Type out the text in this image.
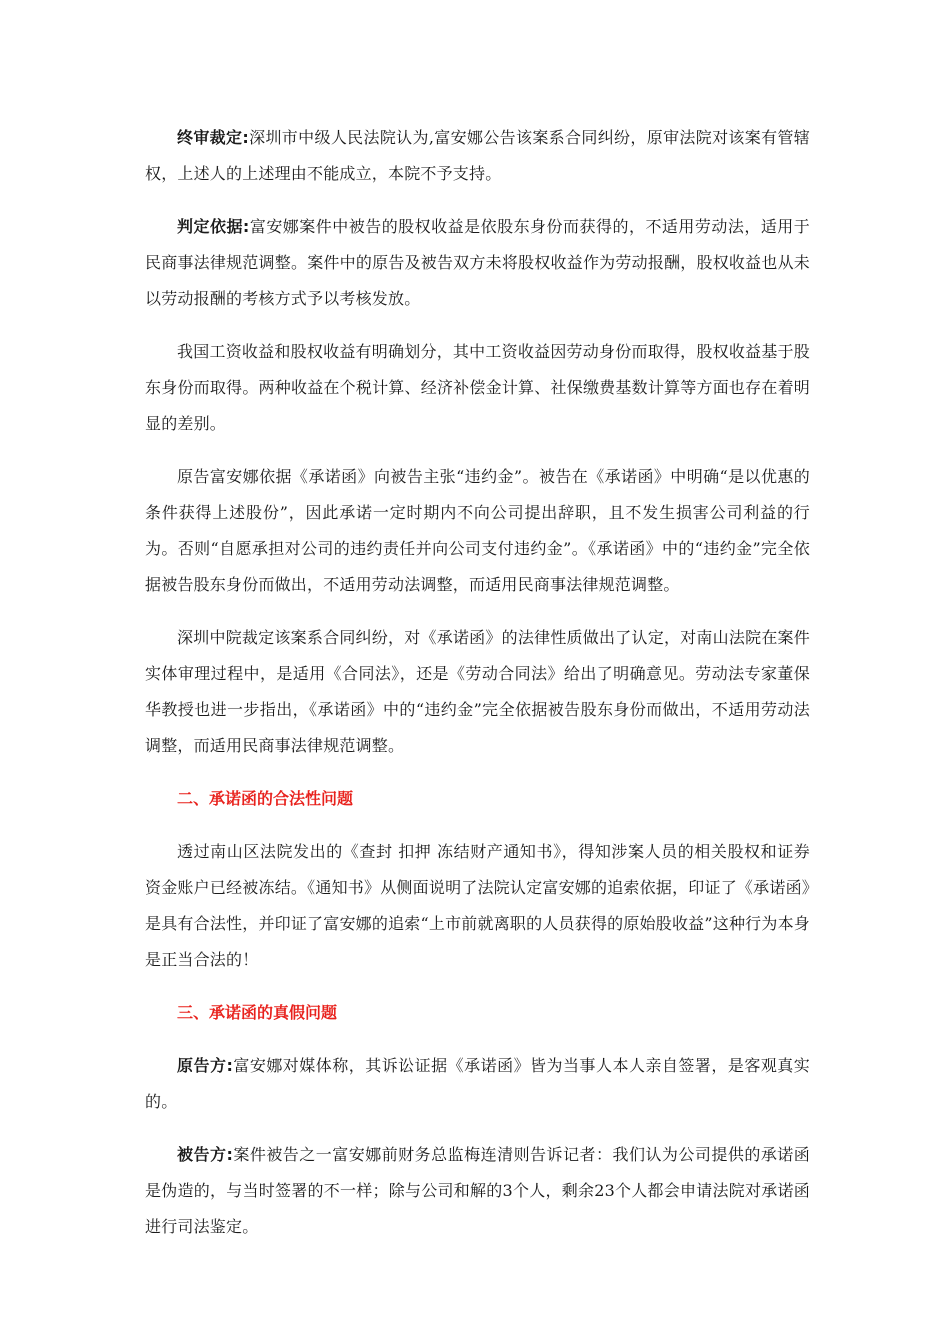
终审裁定:深圳市中级人民法院认为,富安娜公告该案系合同纠纷，原审法院对该案有管辖权，上述人的上述理由不能成立，本院不予支持。

判定依据:富安娜案件中被告的股权收益是依股东身份而获得的，不适用劳动法，适用于民商事法律规范调整。案件中的原告及被告双方未将股权收益作为劳动报酬，股权收益也从未以劳动报酬的考核方式予以考核发放。

我国工资收益和股权收益有明确划分，其中工资收益因劳动身份而取得，股权收益基于股东身份而取得。两种收益在个税计算、经济补偿金计算、社保缴费基数计算等方面也存在着明显的差别。

原告富安娜依据《承诺函》向被告主张“违约金”。被告在《承诺函》中明确“是以优惠的条件获得上述股份”，因此承诺一定时期内不向公司提出辞职，且不发生损害公司利益的行为。否则“自愿承担对公司的违约责任并向公司支付违约金”。《承诺函》中的“违约金”完全依据被告股东身份而做出，不适用劳动法调整，而适用民商事法律规范调整。

深圳中院裁定该案系合同纠纷，对《承诺函》的法律性质做出了认定，对南山法院在案件实体审理过程中，是适用《合同法》，还是《劳动合同法》给出了明确意见。劳动法专家董保华教授也进一步指出，《承诺函》中的“违约金”完全依据被告股东身份而做出，不适用劳动法调整，而适用民商事法律规范调整。

二、承诺函的合法性问题

透过南山区法院发出的《查封 扣押 冻结财产通知书》，得知涉案人员的相关股权和证券资金账户已经被冻结。《通知书》从侧面说明了法院认定富安娜的追索依据，印证了《承诺函》是具有合法性，并印证了富安娜的追索“上市前就离职的人员获得的原始股收益”这种行为本身是正当合法的！

三、承诺函的真假问题

原告方:富安娜对媒体称，其诉讼证据《承诺函》皆为当事人本人亲自签署，是客观真实的。

被告方:案件被告之一富安娜前财务总监梅连清则告诉记者：我们认为公司提供的承诺函是伪造的，与当时签署的不一样；除与公司和解的3个人，剩余23个人都会申请法院对承诺函进行司法鉴定。
